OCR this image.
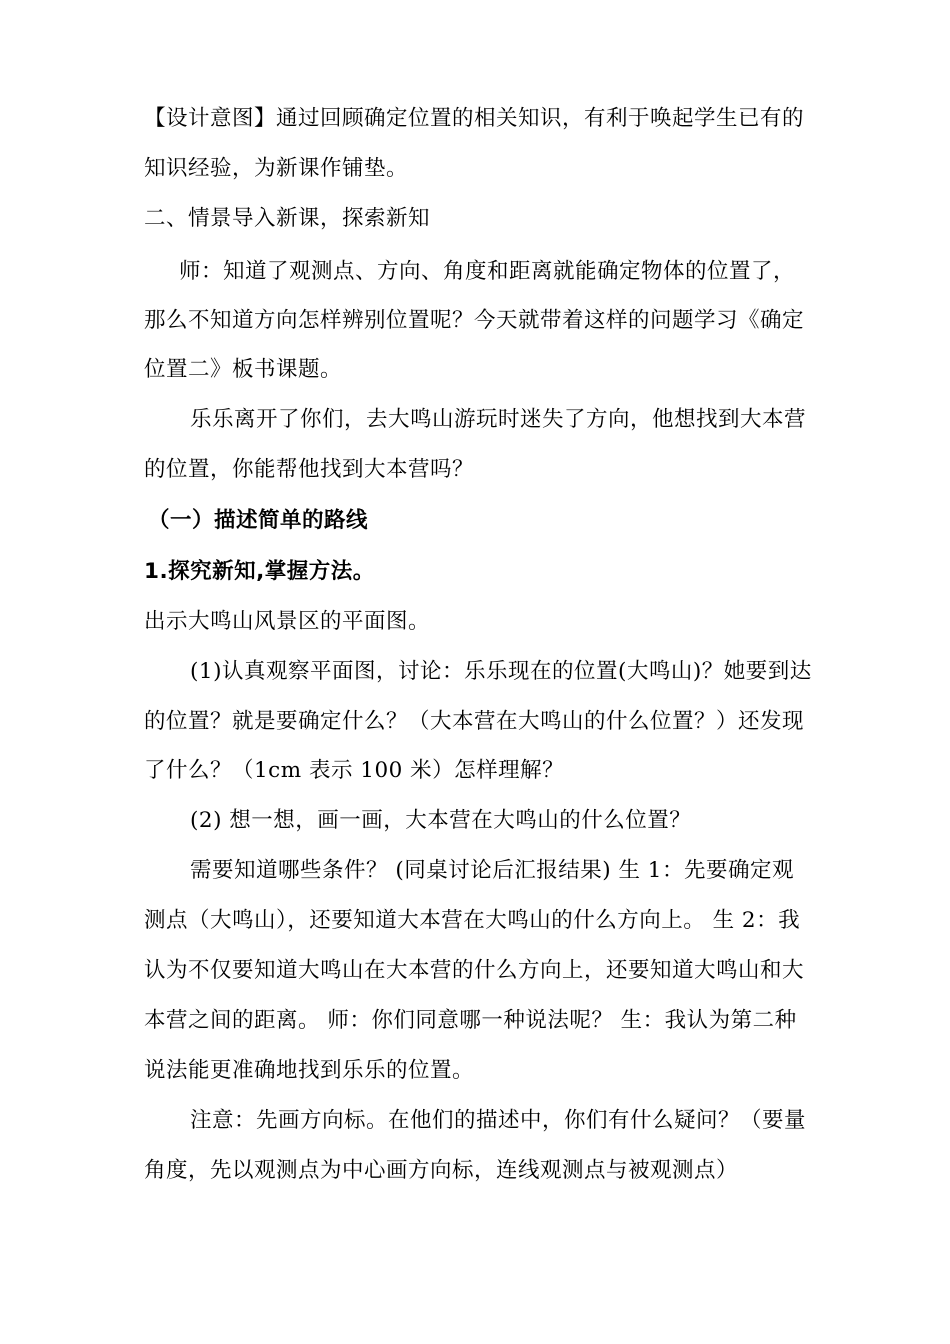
【设计意图】通过回顾确定位置的相关知识，有利于唤起学生已有的
知识经验，为新课作铺垫。
二、情景导入新课，探索新知
师：知道了观测点、方向、角度和距离就能确定物体的位置了，
那么不知道方向怎样辨别位置呢？今天就带着这样的问题学习《确定
位置二》板书课题。
乐乐离开了你们，去大鸣山游玩时迷失了方向，他想找到大本营
的位置，你能帮他找到大本营吗？
（一）描述简单的路线
1.探究新知,掌握方法。
出示大鸣山风景区的平面图。
(1)认真观察平面图，讨论：乐乐现在的位置(大鸣山)？她要到达
的位置？就是要确定什么？（大本营在大鸣山的什么位置？）还发现
了什么？（1cm 表示 100 米）怎样理解？
(2) 想一想，画一画，大本营在大鸣山的什么位置？
需要知道哪些条件？ (同桌讨论后汇报结果) 生 1：先要确定观
测点（大鸣山），还要知道大本营在大鸣山的什么方向上。 生 2：我
认为不仅要知道大鸣山在大本营的什么方向上，还要知道大鸣山和大
本营之间的距离。 师：你们同意哪一种说法呢？ 生：我认为第二种
说法能更准确地找到乐乐的位置。
注意：先画方向标。在他们的描述中，你们有什么疑问？（要量
角度，先以观测点为中心画方向标，连线观测点与被观测点）
